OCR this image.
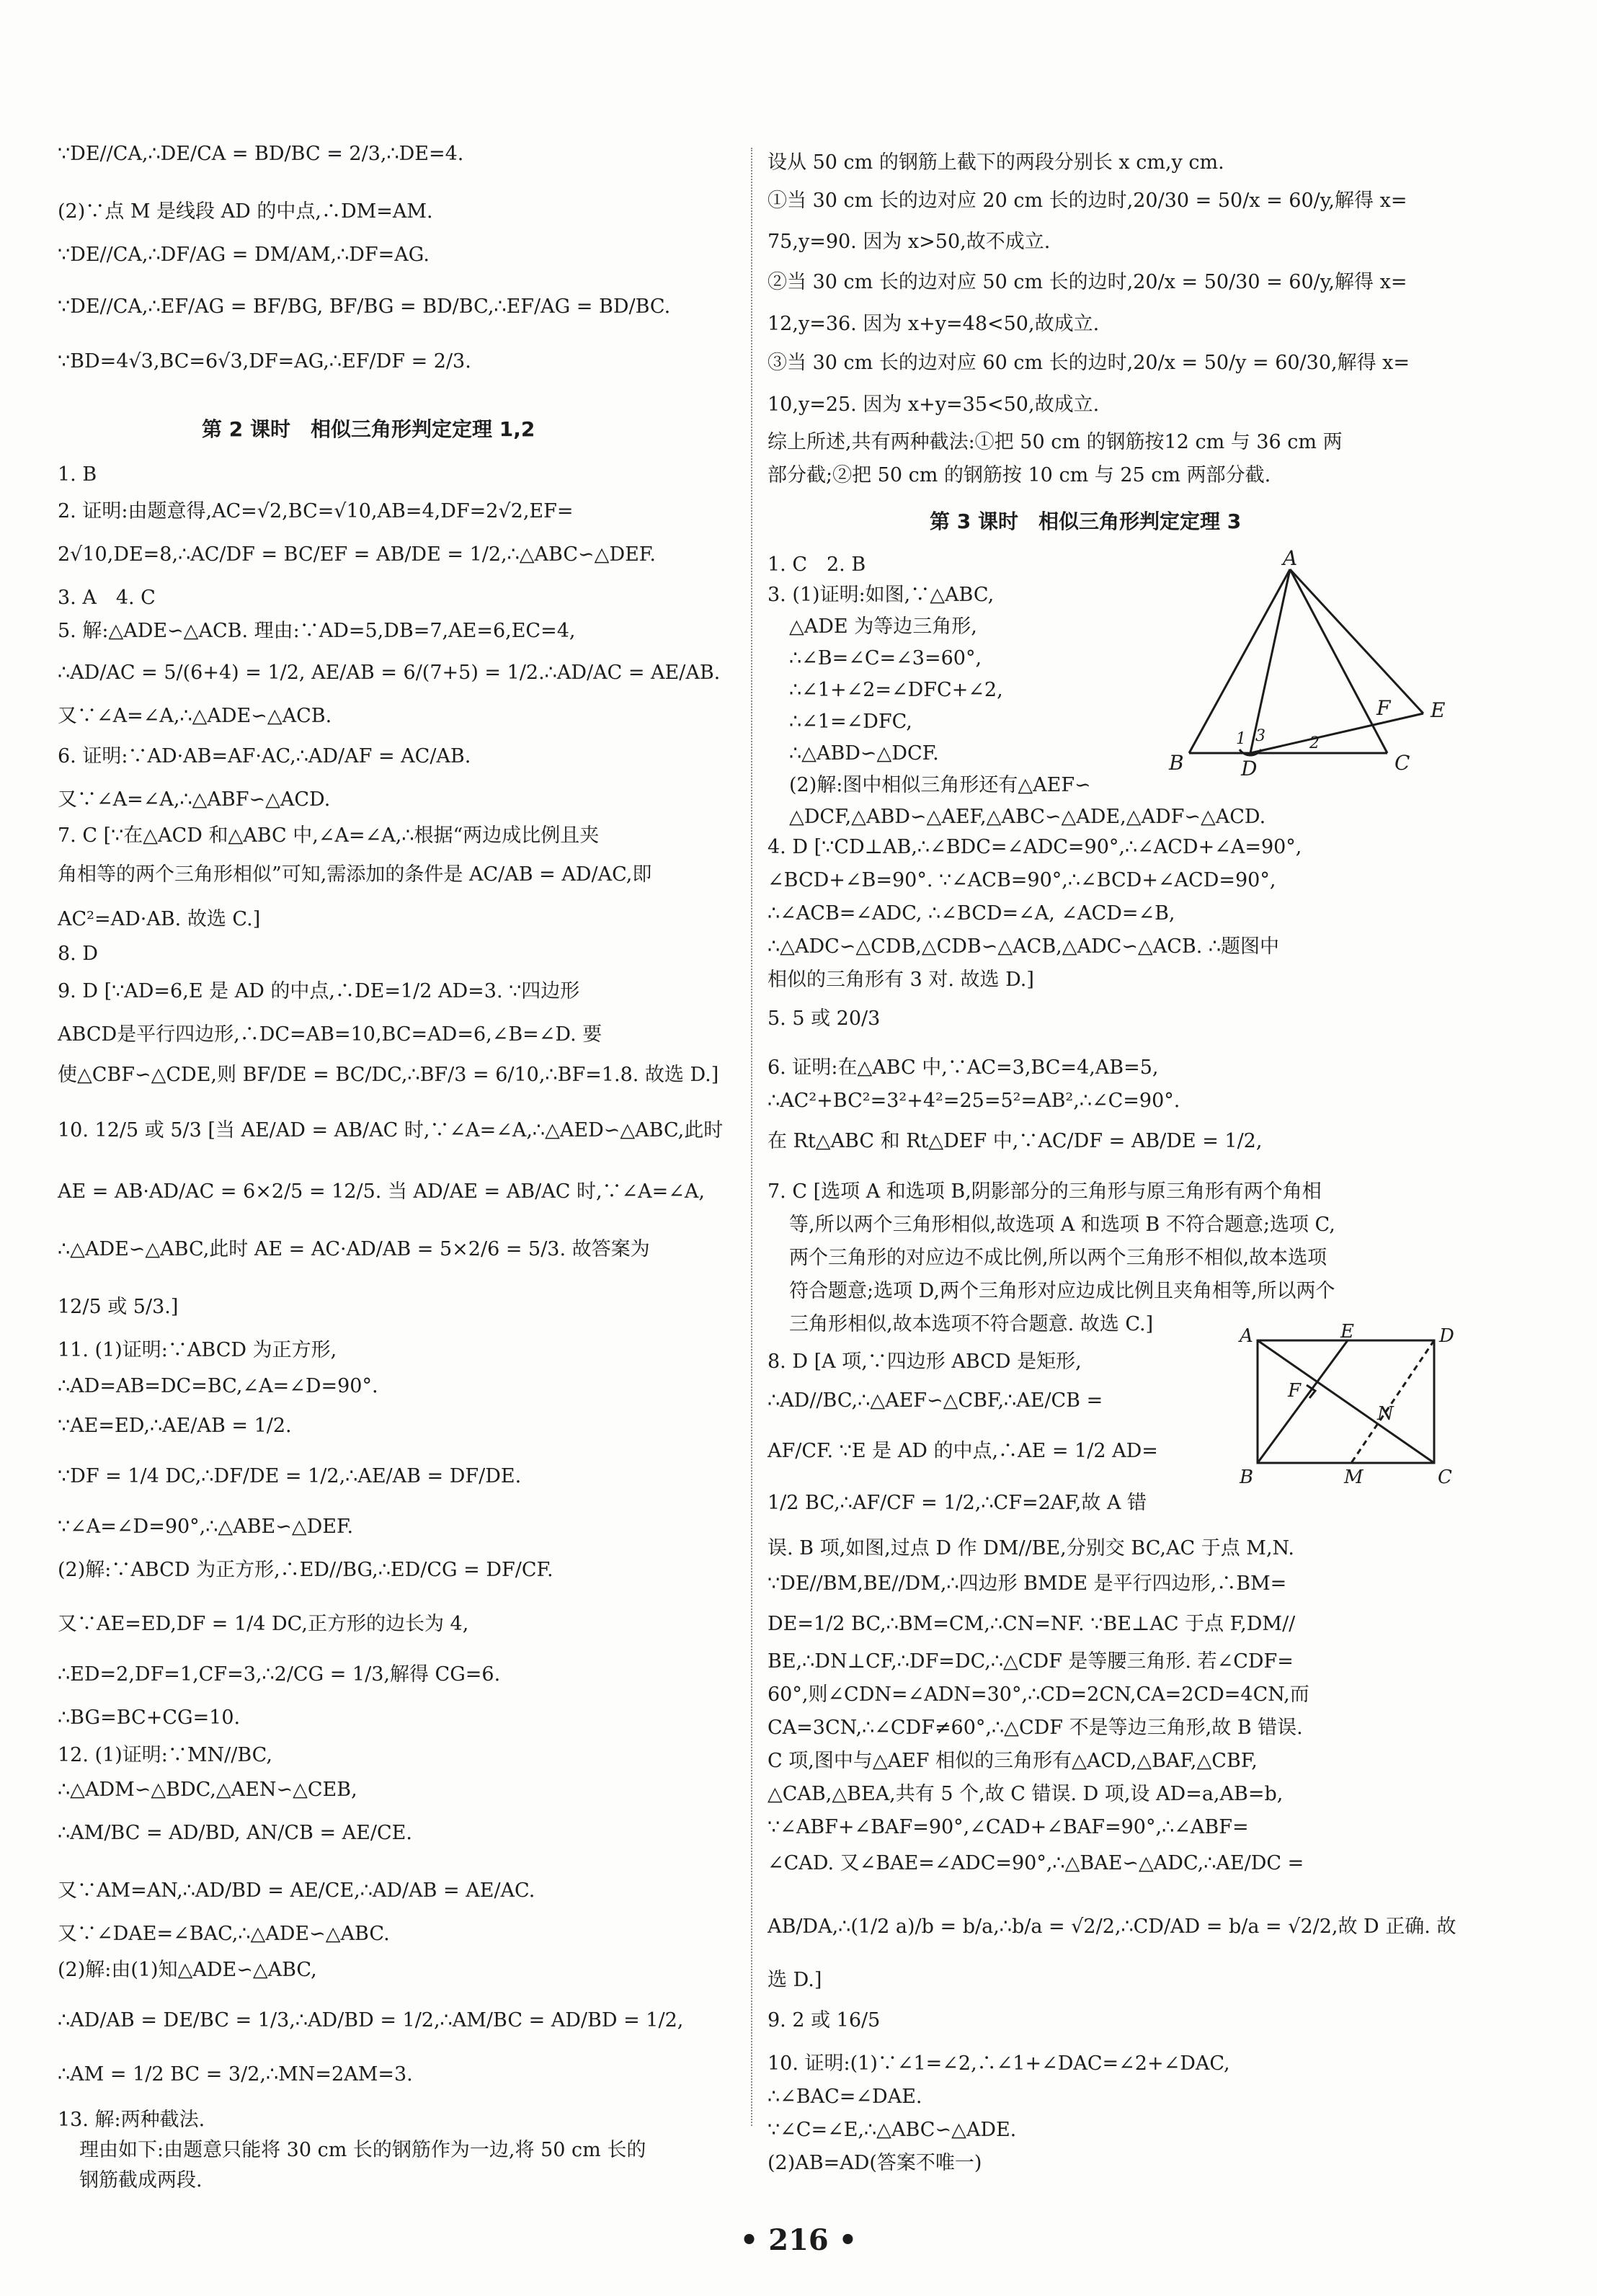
∵DE//CA,∴DE/CA = BD/BC = 2/3,∴DE=4.
(2)∵点 M 是线段 AD 的中点,∴DM=AM.
∵DE//CA,∴DF/AG = DM/AM,∴DF=AG.
∵DE//CA,∴EF/AG = BF/BG, BF/BG = BD/BC,∴EF/AG = BD/BC.
∵BD=4√3,BC=6√3,DF=AG,∴EF/DF = 2/3.
第 2 课时　相似三角形判定定理 1,2
1. B
2. 证明:由题意得,AC=√2,BC=√10,AB=4,DF=2√2,EF=
2√10,DE=8,∴AC/DF = BC/EF = AB/DE = 1/2,∴△ABC∽△DEF.
3. A　4. C
5. 解:△ADE∽△ACB. 理由:∵AD=5,DB=7,AE=6,EC=4,
∴AD/AC = 5/(6+4) = 1/2, AE/AB = 6/(7+5) = 1/2.∴AD/AC = AE/AB.
又∵∠A=∠A,∴△ADE∽△ACB.
6. 证明:∵AD·AB=AF·AC,∴AD/AF = AC/AB.
又∵∠A=∠A,∴△ABF∽△ACD.
7. C [∵在△ACD 和△ABC 中,∠A=∠A,∴根据“两边成比例且夹
角相等的两个三角形相似”可知,需添加的条件是 AC/AB = AD/AC,即
AC²=AD·AB. 故选 C.]
8. D
9. D [∵AD=6,E 是 AD 的中点,∴DE=1/2 AD=3. ∵四边形
ABCD是平行四边形,∴DC=AB=10,BC=AD=6,∠B=∠D. 要
使△CBF∽△CDE,则 BF/DE = BC/DC,∴BF/3 = 6/10,∴BF=1.8. 故选 D.]
10. 12/5 或 5/3 [当 AE/AD = AB/AC 时,∵∠A=∠A,∴△AED∽△ABC,此时
AE = AB·AD/AC = 6×2/5 = 12/5. 当 AD/AE = AB/AC 时,∵∠A=∠A,
∴△ADE∽△ABC,此时 AE = AC·AD/AB = 5×2/6 = 5/3. 故答案为
12/5 或 5/3.]
11. (1)证明:∵ABCD 为正方形,
∴AD=AB=DC=BC,∠A=∠D=90°.
∵AE=ED,∴AE/AB = 1/2.
∵DF = 1/4 DC,∴DF/DE = 1/2,∴AE/AB = DF/DE.
∵∠A=∠D=90°,∴△ABE∽△DEF.
(2)解:∵ABCD 为正方形,∴ED//BG,∴ED/CG = DF/CF.
又∵AE=ED,DF = 1/4 DC,正方形的边长为 4,
∴ED=2,DF=1,CF=3,∴2/CG = 1/3,解得 CG=6.
∴BG=BC+CG=10.
12. (1)证明:∵MN//BC,
∴△ADM∽△BDC,△AEN∽△CEB,
∴AM/BC = AD/BD, AN/CB = AE/CE.
又∵AM=AN,∴AD/BD = AE/CE,∴AD/AB = AE/AC.
又∵∠DAE=∠BAC,∴△ADE∽△ABC.
(2)解:由(1)知△ADE∽△ABC,
∴AD/AB = DE/BC = 1/3,∴AD/BD = 1/2,∴AM/BC = AD/BD = 1/2,
∴AM = 1/2 BC = 3/2,∴MN=2AM=3.
13. 解:两种截法.
理由如下:由题意只能将 30 cm 长的钢筋作为一边,将 50 cm 长的
钢筋截成两段.
设从 50 cm 的钢筋上截下的两段分别长 x cm,y cm.
①当 30 cm 长的边对应 20 cm 长的边时,20/30 = 50/x = 60/y,解得 x=
75,y=90. 因为 x>50,故不成立.
②当 30 cm 长的边对应 50 cm 长的边时,20/x = 50/30 = 60/y,解得 x=
12,y=36. 因为 x+y=48<50,故成立.
③当 30 cm 长的边对应 60 cm 长的边时,20/x = 50/y = 60/30,解得 x=
10,y=25. 因为 x+y=35<50,故成立.
综上所述,共有两种截法:①把 50 cm 的钢筋按12 cm 与 36 cm 两
部分截;②把 50 cm 的钢筋按 10 cm 与 25 cm 两部分截.
第 3 课时　相似三角形判定定理 3
1. C　2. B
3. (1)证明:如图,∵△ABC,
△ADE 为等边三角形,
∴∠B=∠C=∠3=60°,
∴∠1+∠2=∠DFC+∠2,
∴∠1=∠DFC,
∴△ABD∽△DCF.
(2)解:图中相似三角形还有△AEF∽
△DCF,△ABD∽△AEF,△ABC∽△ADE,△ADF∽△ACD.
4. D [∵CD⊥AB,∴∠BDC=∠ADC=90°,∴∠ACD+∠A=90°,
∠BCD+∠B=90°. ∵∠ACB=90°,∴∠BCD+∠ACD=90°,
∴∠ACB=∠ADC, ∴∠BCD=∠A, ∠ACD=∠B,
∴△ADC∽△CDB,△CDB∽△ACB,△ADC∽△ACB. ∴题图中
相似的三角形有 3 对. 故选 D.]
5. 5 或 20/3
6. 证明:在△ABC 中,∵AC=3,BC=4,AB=5,
∴AC²+BC²=3²+4²=25=5²=AB²,∴∠C=90°.
在 Rt△ABC 和 Rt△DEF 中,∵AC/DF = AB/DE = 1/2,
7. C [选项 A 和选项 B,阴影部分的三角形与原三角形有两个角相
等,所以两个三角形相似,故选项 A 和选项 B 不符合题意;选项 C,
两个三角形的对应边不成比例,所以两个三角形不相似,故本选项
符合题意;选项 D,两个三角形对应边成比例且夹角相等,所以两个
三角形相似,故本选项不符合题意. 故选 C.]
8. D [A 项,∵四边形 ABCD 是矩形,
∴AD//BC,∴△AEF∽△CBF,∴AE/CB =
AF/CF. ∵E 是 AD 的中点,∴AE = 1/2 AD=
1/2 BC,∴AF/CF = 1/2,∴CF=2AF,故 A 错
误. B 项,如图,过点 D 作 DM//BE,分别交 BC,AC 于点 M,N.
∵DE//BM,BE//DM,∴四边形 BMDE 是平行四边形,∴BM=
DE=1/2 BC,∴BM=CM,∴CN=NF. ∵BE⊥AC 于点 F,DM//
BE,∴DN⊥CF,∴DF=DC,∴△CDF 是等腰三角形. 若∠CDF=
60°,则∠CDN=∠ADN=30°,∴CD=2CN,CA=2CD=4CN,而
CA=3CN,∴∠CDF≠60°,∴△CDF 不是等边三角形,故 B 错误.
C 项,图中与△AEF 相似的三角形有△ACD,△BAF,△CBF,
△CAB,△BEA,共有 5 个,故 C 错误. D 项,设 AD=a,AB=b,
∵∠ABF+∠BAF=90°,∠CAD+∠BAF=90°,∴∠ABF=
∠CAD. 又∠BAE=∠ADC=90°,∴△BAE∽△ADC,∴AE/DC =
AB/DA,∴(1/2 a)/b = b/a,∴b/a = √2/2,∴CD/AD = b/a = √2/2,故 D 正确. 故
选 D.]
9. 2 或 16/5
10. 证明:(1)∵∠1=∠2,∴∠1+∠DAC=∠2+∠DAC,
∴∠BAC=∠DAE.
∵∠C=∠E,∴△ABC∽△ADE.
(2)AB=AD(答案不唯一)
A
B	C
D
E
F
1	2
3
A	E	D
F
N
B	M	C
• 216 •
